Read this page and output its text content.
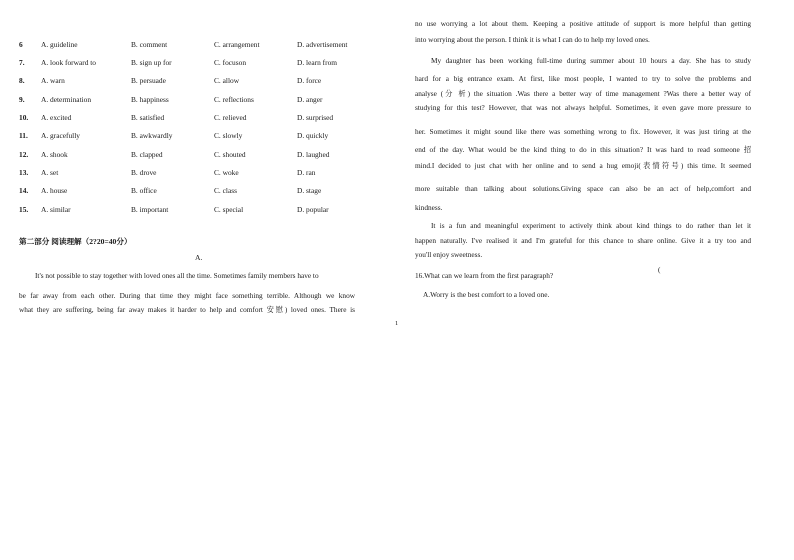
6 A. guideline	B. comment	C. arrangement	D. advertisement
7. A. look forward to	B. sign up for	C. focuson	D. learn from
8. A. warn	B. persuade	C. allow	D. force
9. A. determination	B. happiness	C. reflections	D. anger
10. A. excited	B. satisfied	C. relieved	D. surprised
11. A. gracefully	B. awkwardly	C. slowly	D. quickly
12. A. shook	B. clapped	C. shouted	D. laughed
13. A. set	B. drove	C. woke	D. ran
14. A. house	B. office	C. class	D. stage
15. A. similar	B. important	C. special	D. popular
第二部分 阅读理解（2?20=40分）
A.
It's not possible to stay together with loved ones all the time. Sometimes family members have to
be far away from each other. During that time they might face something terrible. Although we know
what they are suffering, being far away makes it harder to help and comfort 安慰) loved ones. There is
no use worrying a lot about them. Keeping a positive attitude of support is more helpful than getting
into worrying about the person. I think it is what I can do to help my loved ones.
My daughter has been working full-time during summer about 10 hours a day. She has to study
hard for a big entrance exam. At first, like most people, I wanted to try to solve the problems and
analyse (分 析) the situation .Was there a better way of time management ?Was there a better way of
studying for this test? However, that was not always helpful. Sometimes, it even gave more pressure to
her. Sometimes it might sound like there was something wrong to fix. However, it was just tiring at the
end of the day. What would be the kind thing to do in this situation? It was hard to read someone 招
mind.I decided to just chat with her online and to send a hug emoji(表情符号) this time. It seemed
more suitable than talking about solutions.Giving space can also be an act of help,comfort and
kindness.
It is a fun and meaningful experiment to actively think about kind things to do rather than let it
happen naturally. I've realised it and I'm grateful for this chance to share online. Give it a try too and
you'll enjoy sweetness.
16.What can we learn from the first paragraph?
(
A.Worry is the best comfort to a loved one.
1
